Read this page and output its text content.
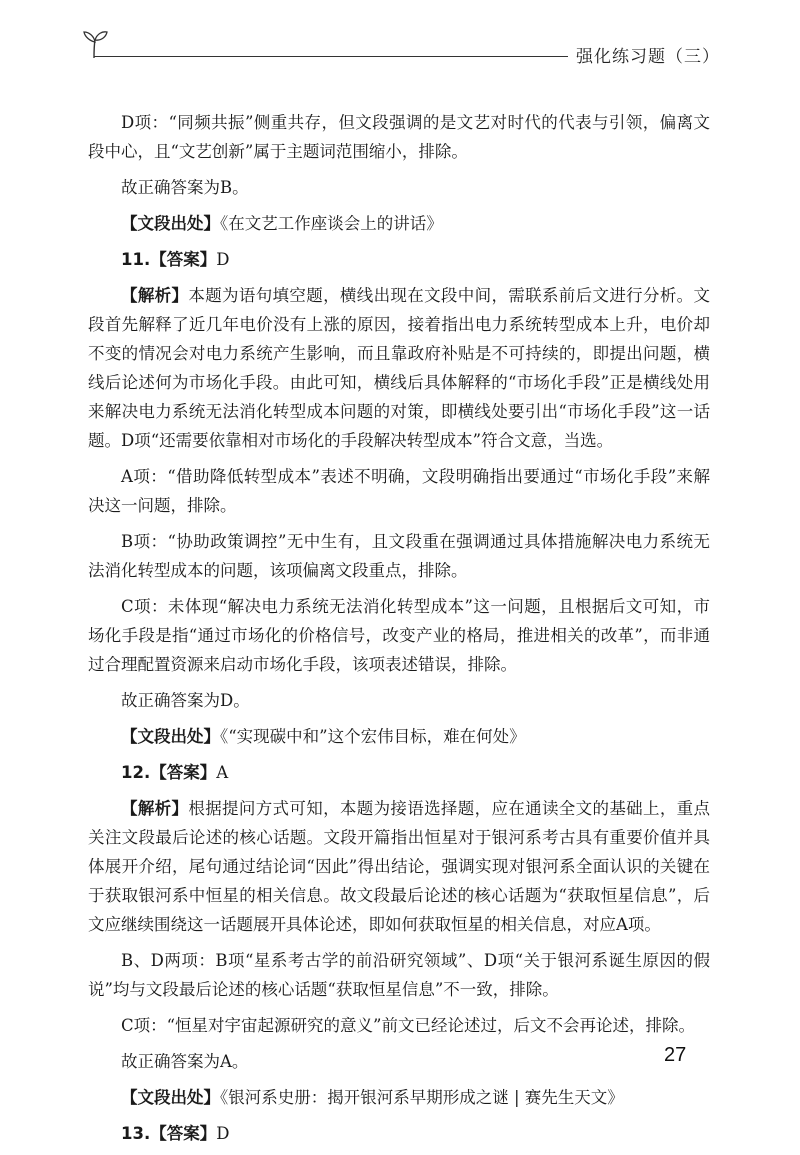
强化练习题（三）

D项：“同频共振”侧重共存，但文段强调的是文艺对时代的代表与引领，偏离文段中心，且“文艺创新”属于主题词范围缩小，排除。

故正确答案为B。

【文段出处】《在文艺工作座谈会上的讲话》

11.【答案】D

【解析】本题为语句填空题，横线出现在文段中间，需联系前后文进行分析。文段首先解释了近几年电价没有上涨的原因，接着指出电力系统转型成本上升，电价却不变的情况会对电力系统产生影响，而且靠政府补贴是不可持续的，即提出问题，横线后论述何为市场化手段。由此可知，横线后具体解释的“市场化手段”正是横线处用来解决电力系统无法消化转型成本问题的对策，即横线处要引出“市场化手段”这一话题。D项“还需要依靠相对市场化的手段解决转型成本”符合文意，当选。

A项：“借助降低转型成本”表述不明确，文段明确指出要通过“市场化手段”来解决这一问题，排除。

B项：“协助政策调控”无中生有，且文段重在强调通过具体措施解决电力系统无法消化转型成本的问题，该项偏离文段重点，排除。

C项：未体现“解决电力系统无法消化转型成本”这一问题，且根据后文可知，市场化手段是指“通过市场化的价格信号，改变产业的格局，推进相关的改革”，而非通过合理配置资源来启动市场化手段，该项表述错误，排除。

故正确答案为D。

【文段出处】《“实现碳中和”这个宏伟目标，难在何处》

12.【答案】A

【解析】根据提问方式可知，本题为接语选择题，应在通读全文的基础上，重点关注文段最后论述的核心话题。文段开篇指出恒星对于银河系考古具有重要价值并具体展开介绍，尾句通过结论词“因此”得出结论，强调实现对银河系全面认识的关键在于获取银河系中恒星的相关信息。故文段最后论述的核心话题为“获取恒星信息”，后文应继续围绕这一话题展开具体论述，即如何获取恒星的相关信息，对应A项。

B、D两项：B项“星系考古学的前沿研究领域”、D项“关于银河系诞生原因的假说”均与文段最后论述的核心话题“获取恒星信息”不一致，排除。

C项：“恒星对宇宙起源研究的意义”前文已经论述过，后文不会再论述，排除。

故正确答案为A。

【文段出处】《银河系史册：揭开银河系早期形成之谜 | 赛先生天文》

13.【答案】D

27
